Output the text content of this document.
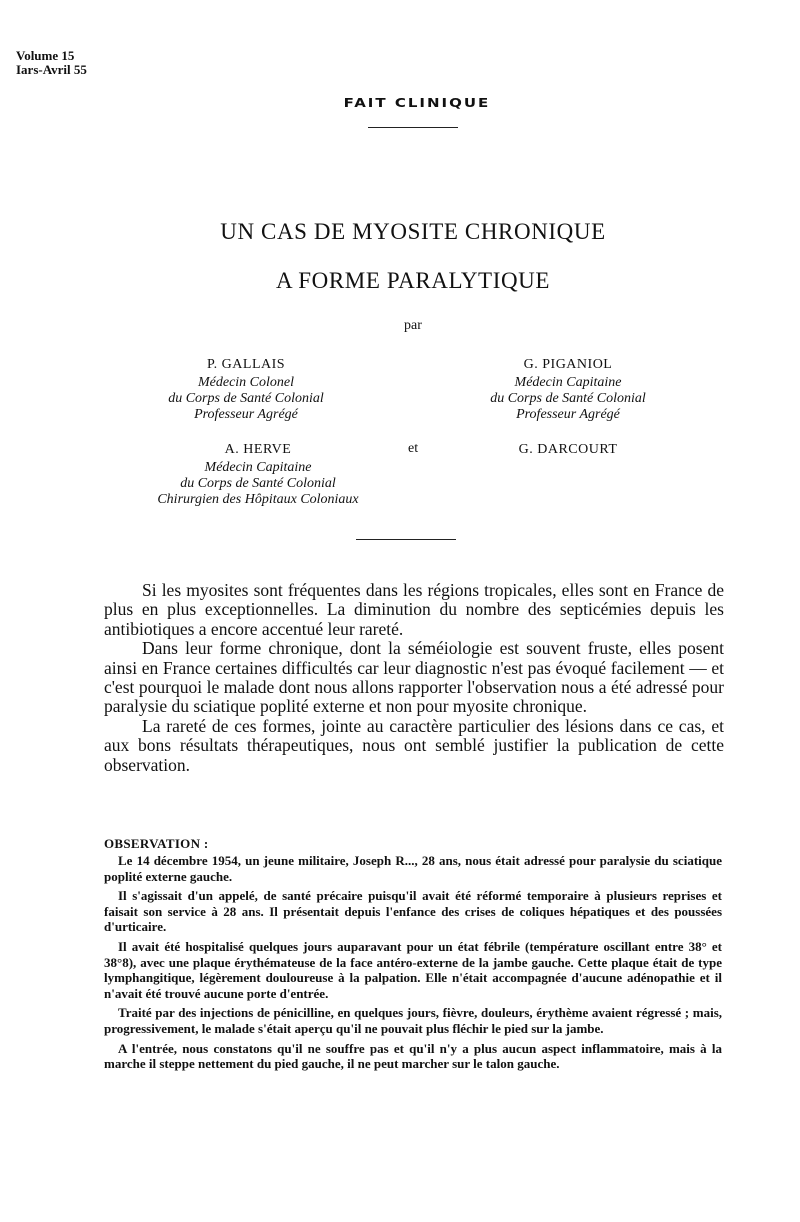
Volume 15
Iars-Avril 55
FAIT CLINIQUE
UN CAS DE MYOSITE CHRONIQUE
A FORME PARALYTIQUE
par
P. GALLAIS
Médecin Colonel
du Corps de Santé Colonial
Professeur Agrégé
G. PIGANIOL
Médecin Capitaine
du Corps de Santé Colonial
Professeur Agrégé
A. HERVE
Médecin Capitaine
du Corps de Santé Colonial
Chirurgien des Hôpitaux Coloniaux
et	G. DARCOURT

Si les myosites sont fréquentes dans les régions tropicales, elles sont en France de plus en plus exceptionnelles. La diminution du nombre des septicémies depuis les antibiotiques a encore accentué leur rareté.

Dans leur forme chronique, dont la séméiologie est souvent fruste, elles posent ainsi en France certaines difficultés car leur diagnostic n'est pas évoqué facilement — et c'est pourquoi le malade dont nous allons rapporter l'observation nous a été adressé pour paralysie du sciatique poplité externe et non pour myosite chronique.

La rareté de ces formes, jointe au caractère particulier des lésions dans ce cas, et aux bons résultats thérapeutiques, nous ont semblé justifier la publication de cette observation.

OBSERVATION :

Le 14 décembre 1954, un jeune militaire, Joseph R..., 28 ans, nous était adressé pour paralysie du sciatique poplité externe gauche.

Il s'agissait d'un appelé, de santé précaire puisqu'il avait été réformé temporaire à plusieurs reprises et faisait son service à 28 ans. Il présentait depuis l'enfance des crises de coliques hépatiques et des poussées d'urticaire.

Il avait été hospitalisé quelques jours auparavant pour un état fébrile (température oscillant entre 38° et 38°8), avec une plaque érythémateuse de la face antéro-externe de la jambe gauche. Cette plaque était de type lymphangitique, légèrement douloureuse à la palpation. Elle n'était accompagnée d'aucune adénopathie et il n'avait été trouvé aucune porte d'entrée.

Traité par des injections de pénicilline, en quelques jours, fièvre, douleurs, érythème avaient régressé ; mais, progressivement, le malade s'était aperçu qu'il ne pouvait plus fléchir le pied sur la jambe.

A l'entrée, nous constatons qu'il ne souffre pas et qu'il n'y a plus aucun aspect inflammatoire, mais à la marche il steppe nettement du pied gauche, il ne peut marcher sur le talon gauche.
